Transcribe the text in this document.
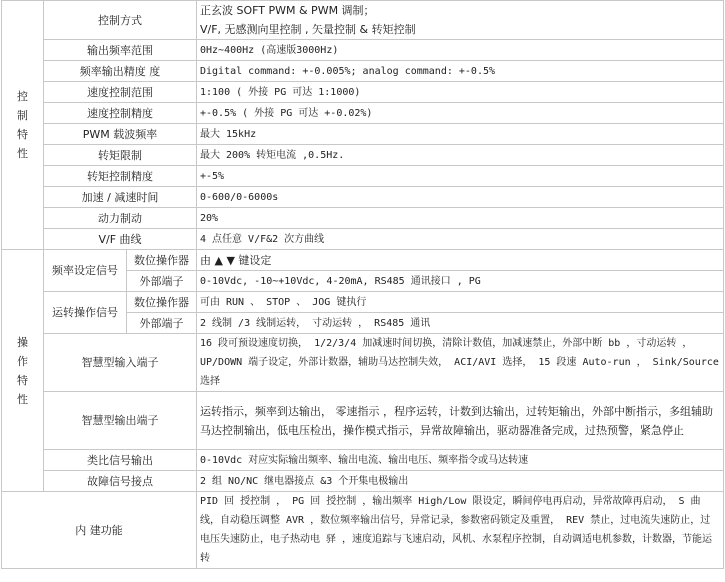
控
制
特
性	控制方式		正玄波 SOFT PWM & PWM 调制；
V/F, 无感测向里控制 , 矢量控制 & 转矩控制
	输出频率范围		0Hz~400Hz (高速版3000Hz)
	频率输出精度 度		Digital command: +-0.005%; analog command: +-0.5%
	速度控制范围		1:100 ( 外接 PG 可达 1:1000)
	速度控制精度		+-0.5% ( 外接 PG 可达 +-0.02%)
	PWM 载波频率		最大 15kHz
	转矩限制		最大 200% 转矩电流 ,0.5Hz.
	转矩控制精度		+-5%
	加速 / 减速时间		0-600/0-6000s
	动力制动		20%
	V/F 曲线		4 点任意 V/F&2 次方曲线
操
作
特
性	频率设定信号	数位操作器	由 ▲ ▼ 键设定
		外部端子	0-10Vdc, -10~+10Vdc, 4-20mA, RS485 通讯接口 , PG
	运转操作信号	数位操作器	可由 RUN 、 STOP 、 JOG 键执行
		外部端子	2 线制 /3 线制运转， 寸动运转 ， RS485 通讯
	智慧型输入端子		16 段可预设速度切换， 1/2/3/4 加减速时间切换，清除计数值，加减速禁止，外部中断 bb ，寸动运转 ， UP/DOWN 端子设定，外部计数器，辅助马达控制失效， ACI/AVI 选择， 15 段速 Auto-run ， Sink/Source 选择
	智慧型输出端子		运转指示，频率到达输出， 零速指示 ，程序运转，计数到达输出，过转矩输出，外部中断指示，多组辅助马达控制输出，低电压检出，操作模式指示，异常故障输出，驱动器准备完成，过热预警，紧急停止
	类比信号输出		0-10Vdc 对应实际输出频率、输出电流、输出电压、频率指令或马达转速
	故障信号接点		2 组 NO/NC 继电器接点 &3 个开集电极输出
内 建功能			PID 回 授控制 ， PG 回 授控制 ，输出频率 High/Low 限设定，瞬间停电再启动，异常故障再启动， S 曲线，自动稳压调整 AVR ，数位频率输出信号，异常记录，参数密码锁定及重置， REV 禁止，过电流失速防止，过电压失速防止，电子热动电 驿 ，速度追踪与飞速启动，风机、水泵程序控制，自动调适电机参数，计数器，节能运转
